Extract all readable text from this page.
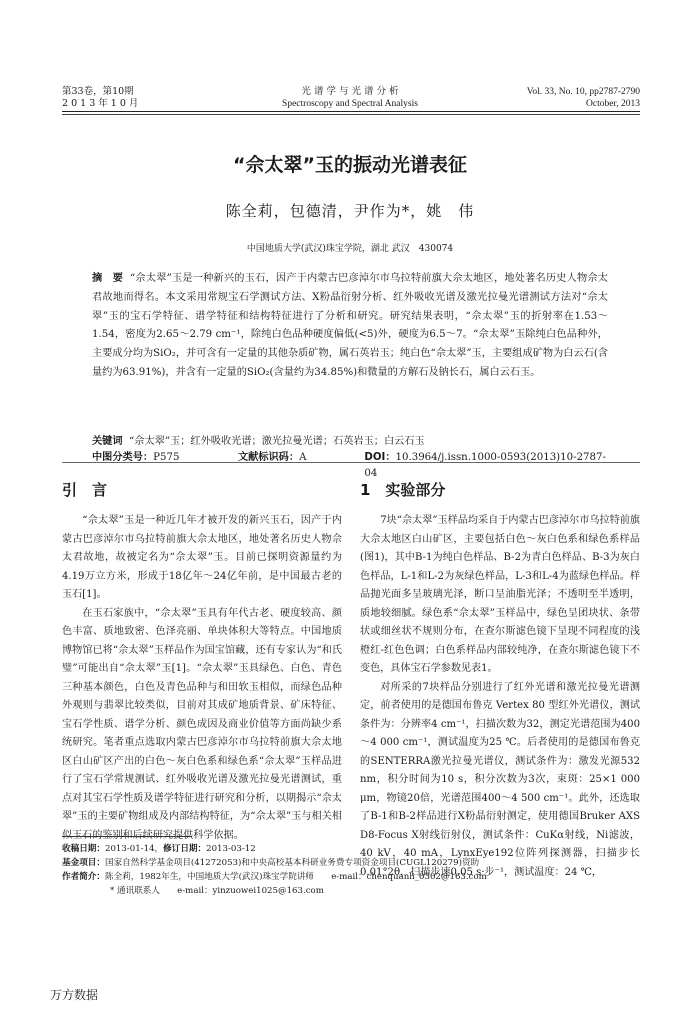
第33卷，第10期
2 0 1 3 年 1 0 月
光 谱 学 与 光 谱 分 析
Spectroscopy and Spectral Analysis
Vol. 33, No. 10, pp2787-2790
October, 2013
“佘太翠”玉的振动光谱表征
陈全莉，包德清，尹作为*，姚　伟
中国地质大学(武汉)珠宝学院，湖北 武汉　430074
摘　要 “佘太翠”玉是一种新兴的玉石，因产于内蒙古巴彦淖尔市乌拉特前旗大佘太地区，地处著名历史人物佘太君故地而得名。本文采用常规宝石学测试方法、X粉晶衍射分析、红外吸收光谱及激光拉曼光谱测试方法对“佘太翠”玉的宝石学特征、谱学特征和结构特征进行了分析和研究。研究结果表明，“佘太翠”玉的折射率在1.53～1.54，密度为2.65～2.79 cm⁻¹，除纯白色品种硬度偏低(<5)外，硬度为6.5～7。“佘太翠”玉除纯白色品种外，主要成分均为SiO₂，并可含有一定量的其他杂质矿物，属石英岩玉；纯白色“佘太翠”玉，主要组成矿物为白云石(含量约为63.91%)，并含有一定量的SiO₂(含量约为34.85%)和微量的方解石及钠长石，属白云石玉。
关键词 “佘太翠”玉；红外吸收光谱；激光拉曼光谱；石英岩玉；白云石玉
中图分类号：P575	文献标识码：A	DOI：10.3964/j.issn.1000-0593(2013)10-2787-04
引　言

“佘太翠”玉是一种近几年才被开发的新兴玉石，因产于内蒙古巴彦淖尔市乌拉特前旗大佘太地区，地处著名历史人物佘太君故地，故被定名为“佘太翠”玉。目前已探明资源量约为4.19万立方米，形成于18亿年～24亿年前，是中国最古老的玉石[1]。

在玉石家族中，“佘太翠”玉具有年代古老、硬度较高、颜色丰富、质地致密、色泽亮丽、单块体积大等特点。中国地质博物馆已将“佘太翠”玉样品作为国宝馆藏，还有专家认为“和氏璧”可能出自“佘太翠”玉[1]。“佘太翠”玉具绿色、白色、青色三种基本颜色，白色及青色品种与和田软玉相似，而绿色品种外观则与翡翠比较类似，目前对其成矿地质背景、矿床特征、宝石学性质、谱学分析、颜色成因及商业价值等方面尚缺少系统研究。笔者重点选取内蒙古巴彦淖尔市乌拉特前旗大佘太地区白山矿区产出的白色～灰白色系和绿色系“佘太翠”玉样品进行了宝石学常规测试、红外吸收光谱及激光拉曼光谱测试，重点对其宝石学性质及谱学特征进行研究和分析，以期揭示“佘太翠”玉的主要矿物组成及内部结构特征，为“佘太翠”玉与相关相似玉石的鉴别和后续研究提供科学依据。

1　实验部分

7块“佘太翠”玉样品均采自于内蒙古巴彦淖尔市乌拉特前旗大佘太地区白山矿区，主要包括白色～灰白色系和绿色系样品(图1)，其中B-1为纯白色样品、B-2为青白色样品、B-3为灰白色样品，L-1和L-2为灰绿色样品，L-3和L-4为蓝绿色样品。样品抛光面多呈玻璃光泽，断口呈油脂光泽；不透明至半透明，质地较细腻。绿色系“佘太翠”玉样品中，绿色呈团块状、条带状或细丝状不规则分布，在查尔斯滤色镜下呈现不同程度的浅橙红-红色色调；白色系样品内部较纯净，在查尔斯滤色镜下不变色，具体宝石学参数见表1。

对所采的7块样品分别进行了红外光谱和激光拉曼光谱测定，前者使用的是德国布鲁克 Vertex 80 型红外光谱仪，测试条件为：分辨率4 cm⁻¹，扫描次数为32，测定光谱范围为400～4 000 cm⁻¹，测试温度为25 ℃。后者使用的是德国布鲁克的SENTERRA激光拉曼光谱仪，测试条件为：激发光源532 nm，积分时间为10 s，积分次数为3次，束斑：25×1 000 μm，物镜20倍，光谱范围400～4 500 cm⁻¹。此外，还选取了B-1和B-2样品进行X粉晶衍射测定，使用德国Bruker AXS D8-Focus X射线衍射仪，测试条件：CuKα射线，Ni滤波，40 kV，40 mA，LynxEye192位阵列探测器，扫描步长0.01°2θ，扫描步速0.05 s·步⁻¹，测试温度：24 ℃，

收稿日期：2013-01-14，修订日期：2013-03-12
基金项目：国家自然科学基金项目(41272053)和中央高校基本科研业务费专项资金项目(CUGL120279)资助
作者简介：陈全莉，1982年生，中国地质大学(武汉)珠宝学院讲师　　e-mail：chenquanli_0302@163.com
* 通讯联系人　　e-mail：yinzuowei1025@163.com
万方数据
